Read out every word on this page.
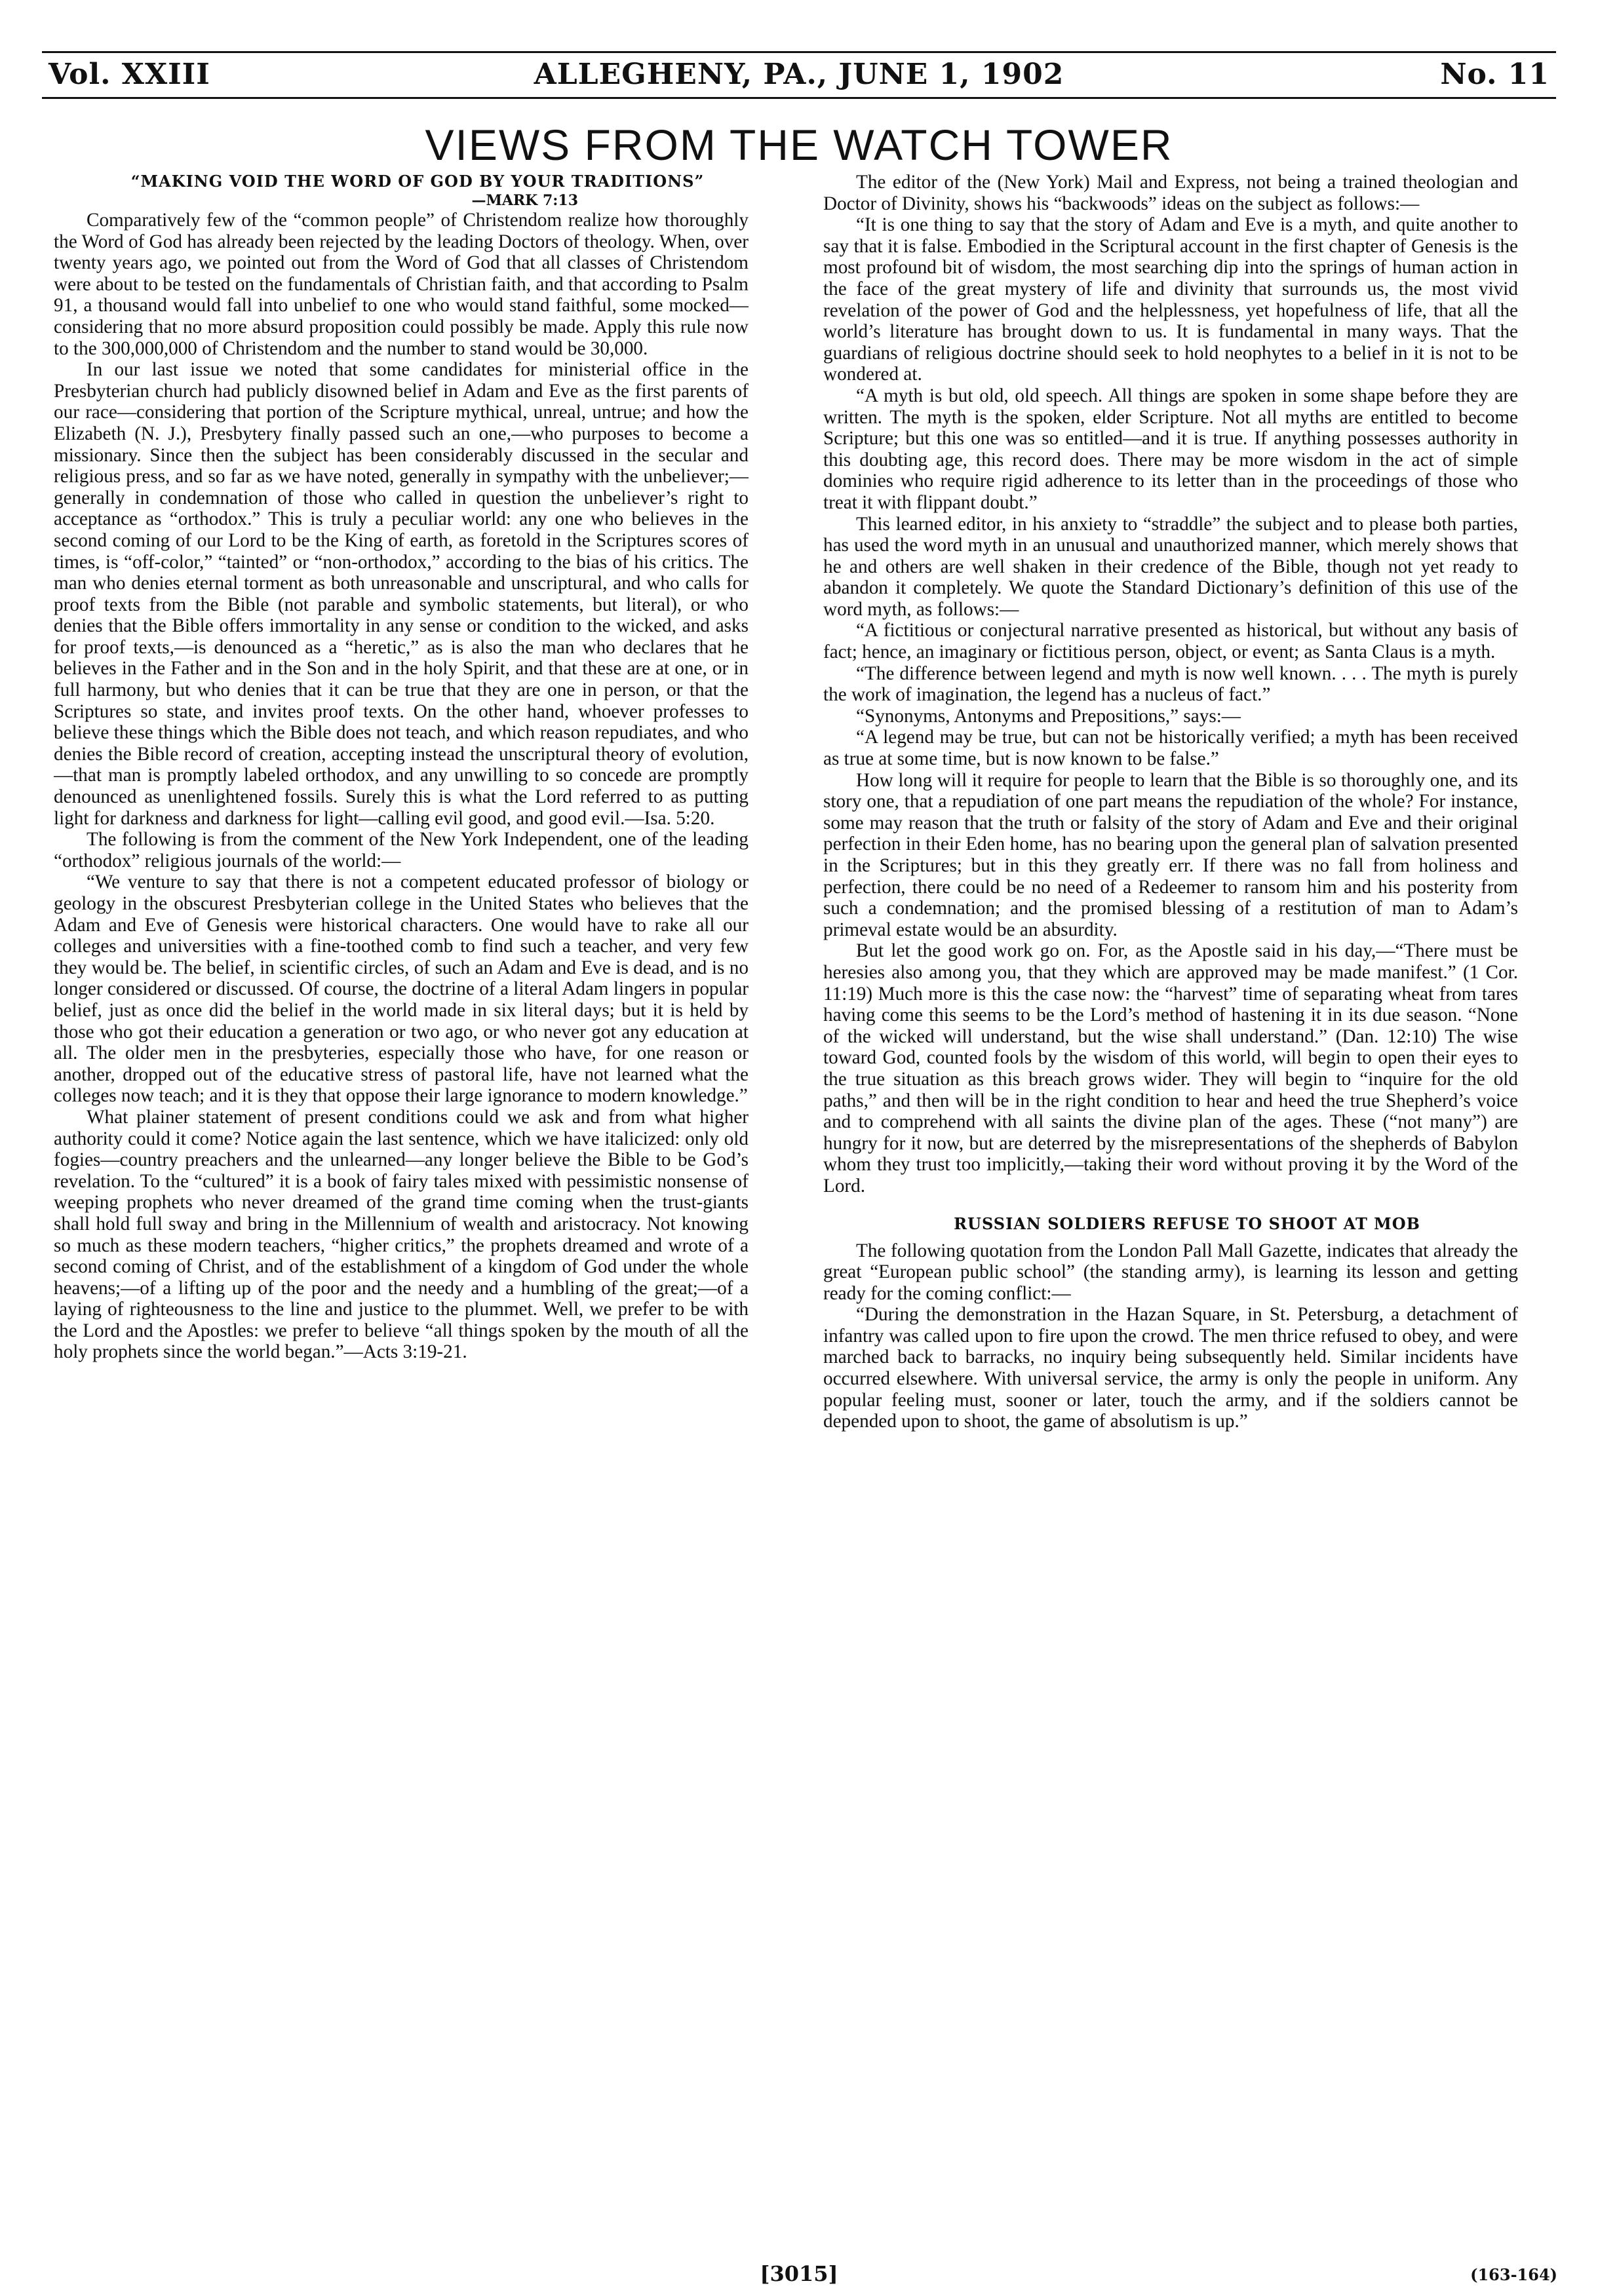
Vol. XXIII	ALLEGHENY, PA., JUNE 1, 1902	No. 11
VIEWS FROM THE WATCH TOWER

“MAKING VOID THE WORD OF GOD BY YOUR TRADITIONS”

—MARK 7:13

Comparatively few of the “common people” of Christendom realize how thoroughly the Word of God has already been rejected by the leading Doctors of theology. When, over twenty years ago, we pointed out from the Word of God that all classes of Christendom were about to be tested on the fundamentals of Christian faith, and that according to Psalm 91, a thousand would fall into unbelief to one who would stand faithful, some mocked—considering that no more absurd proposition could possibly be made. Apply this rule now to the 300,000,000 of Christendom and the number to stand would be 30,000.

In our last issue we noted that some candidates for ministerial office in the Presbyterian church had publicly disowned belief in Adam and Eve as the first parents of our race—considering that portion of the Scripture mythical, unreal, untrue; and how the Elizabeth (N. J.), Presbytery finally passed such an one,—who purposes to become a missionary. Since then the subject has been considerably discussed in the secular and religious press, and so far as we have noted, generally in sympathy with the unbeliever;—generally in condemnation of those who called in question the unbeliever’s right to acceptance as “orthodox.” This is truly a peculiar world: any one who believes in the second coming of our Lord to be the King of earth, as foretold in the Scriptures scores of times, is “off-color,” “tainted” or “non-orthodox,” according to the bias of his critics. The man who denies eternal torment as both unreasonable and unscriptural, and who calls for proof texts from the Bible (not parable and symbolic statements, but literal), or who denies that the Bible offers immortality in any sense or condition to the wicked, and asks for proof texts,—is denounced as a “heretic,” as is also the man who declares that he believes in the Father and in the Son and in the holy Spirit, and that these are at one, or in full harmony, but who denies that it can be true that they are one in person, or that the Scriptures so state, and invites proof texts. On the other hand, whoever professes to believe these things which the Bible does not teach, and which reason repudiates, and who denies the Bible record of creation, accepting instead the unscriptural theory of evolution,—that man is promptly labeled orthodox, and any unwilling to so concede are promptly denounced as unenlightened fossils. Surely this is what the Lord referred to as putting light for darkness and darkness for light—calling evil good, and good evil.—Isa. 5:20.

The following is from the comment of the New York Independent, one of the leading “orthodox” religious journals of the world:—

“We venture to say that there is not a competent educated professor of biology or geology in the obscurest Presbyterian college in the United States who believes that the Adam and Eve of Genesis were historical characters. One would have to rake all our colleges and universities with a fine-toothed comb to find such a teacher, and very few they would be. The belief, in scientific circles, of such an Adam and Eve is dead, and is no longer considered or discussed. Of course, the doctrine of a literal Adam lingers in popular belief, just as once did the belief in the world made in six literal days; but it is held by those who got their education a generation or two ago, or who never got any education at all. The older men in the presbyteries, especially those who have, for one reason or another, dropped out of the educative stress of pastoral life, have not learned what the colleges now teach; and it is they that oppose their large ignorance to modern knowledge.”

What plainer statement of present conditions could we ask and from what higher authority could it come? Notice again the last sentence, which we have italicized: only old fogies—country preachers and the unlearned—any longer believe the Bible to be God’s revelation. To the “cultured” it is a book of fairy tales mixed with pessimistic nonsense of weeping prophets who never dreamed of the grand time coming when the trust-giants shall hold full sway and bring in the Millennium of wealth and aristocracy. Not knowing so much as these modern teachers, “higher critics,” the prophets dreamed and wrote of a second coming of Christ, and of the establishment of a kingdom of God under the whole heavens;—of a lifting up of the poor and the needy and a humbling of the great;—of a laying of righteousness to the line and justice to the plummet. Well, we prefer to be with the Lord and the Apostles: we prefer to believe “all things spoken by the mouth of all the holy prophets since the world began.”—Acts 3:19-21.

The editor of the (New York) Mail and Express, not being a trained theologian and Doctor of Divinity, shows his “backwoods” ideas on the subject as follows:—

“It is one thing to say that the story of Adam and Eve is a myth, and quite another to say that it is false. Embodied in the Scriptural account in the first chapter of Genesis is the most profound bit of wisdom, the most searching dip into the springs of human action in the face of the great mystery of life and divinity that surrounds us, the most vivid revelation of the power of God and the helplessness, yet hopefulness of life, that all the world’s literature has brought down to us. It is fundamental in many ways. That the guardians of religious doctrine should seek to hold neophytes to a belief in it is not to be wondered at.

“A myth is but old, old speech. All things are spoken in some shape before they are written. The myth is the spoken, elder Scripture. Not all myths are entitled to become Scripture; but this one was so entitled—and it is true. If anything possesses authority in this doubting age, this record does. There may be more wisdom in the act of simple dominies who require rigid adherence to its letter than in the proceedings of those who treat it with flippant doubt.”

This learned editor, in his anxiety to “straddle” the subject and to please both parties, has used the word myth in an unusual and unauthorized manner, which merely shows that he and others are well shaken in their credence of the Bible, though not yet ready to abandon it completely. We quote the Standard Dictionary’s definition of this use of the word myth, as follows:—

“A fictitious or conjectural narrative presented as historical, but without any basis of fact; hence, an imaginary or fictitious person, object, or event; as Santa Claus is a myth.

“The difference between legend and myth is now well known. . . . The myth is purely the work of imagination, the legend has a nucleus of fact.”

“Synonyms, Antonyms and Prepositions,” says:—

“A legend may be true, but can not be historically verified; a myth has been received as true at some time, but is now known to be false.”

How long will it require for people to learn that the Bible is so thoroughly one, and its story one, that a repudiation of one part means the repudiation of the whole? For instance, some may reason that the truth or falsity of the story of Adam and Eve and their original perfection in their Eden home, has no bearing upon the general plan of salvation presented in the Scriptures; but in this they greatly err. If there was no fall from holiness and perfection, there could be no need of a Redeemer to ransom him and his posterity from such a condemnation; and the promised blessing of a restitution of man to Adam’s primeval estate would be an absurdity.

But let the good work go on. For, as the Apostle said in his day,—“There must be heresies also among you, that they which are approved may be made manifest.” (1 Cor. 11:19) Much more is this the case now: the “harvest” time of separating wheat from tares having come this seems to be the Lord’s method of hastening it in its due season. “None of the wicked will understand, but the wise shall understand.” (Dan. 12:10) The wise toward God, counted fools by the wisdom of this world, will begin to open their eyes to the true situation as this breach grows wider. They will begin to “inquire for the old paths,” and then will be in the right condition to hear and heed the true Shepherd’s voice and to comprehend with all saints the divine plan of the ages. These (“not many”) are hungry for it now, but are deterred by the misrepresentations of the shepherds of Babylon whom they trust too implicitly,—taking their word without proving it by the Word of the Lord.

RUSSIAN SOLDIERS REFUSE TO SHOOT AT MOB

The following quotation from the London Pall Mall Gazette, indicates that already the great “European public school” (the standing army), is learning its lesson and getting ready for the coming conflict:—

“During the demonstration in the Hazan Square, in St. Petersburg, a detachment of infantry was called upon to fire upon the crowd. The men thrice refused to obey, and were marched back to barracks, no inquiry being subsequently held. Similar incidents have occurred elsewhere. With universal service, the army is only the people in uniform. Any popular feeling must, sooner or later, touch the army, and if the soldiers cannot be depended upon to shoot, the game of absolutism is up.”

[3015]	(163-164)
